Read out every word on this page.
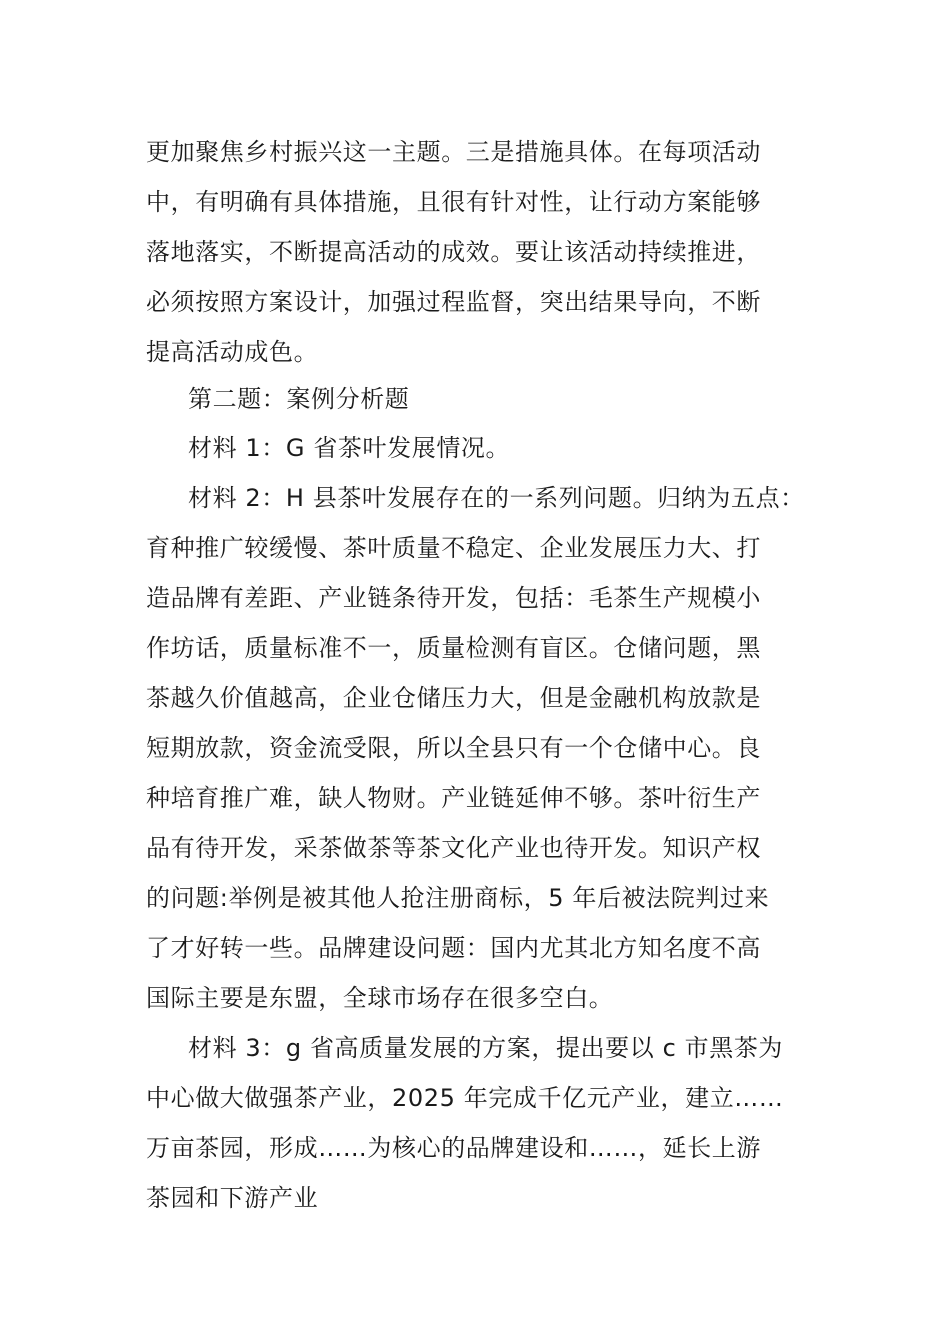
更加聚焦乡村振兴这一主题。三是措施具体。在每项活动
中，有明确有具体措施，且很有针对性，让行动方案能够
落地落实，不断提高活动的成效。要让该活动持续推进，
必须按照方案设计，加强过程监督，突出结果导向，不断
提高活动成色。
第二题：案例分析题
材料 1：G 省茶叶发展情况。
材料 2：H 县茶叶发展存在的一系列问题。归纳为五点：
育种推广较缓慢、茶叶质量不稳定、企业发展压力大、打
造品牌有差距、产业链条待开发，包括：毛茶生产规模小
作坊话，质量标准不一，质量检测有盲区。仓储问题，黑
茶越久价值越高，企业仓储压力大，但是金融机构放款是
短期放款，资金流受限，所以全县只有一个仓储中心。良
种培育推广难，缺人物财。产业链延伸不够。茶叶衍生产
品有待开发，采茶做茶等茶文化产业也待开发。知识产权
的问题:举例是被其他人抢注册商标，5 年后被法院判过来
了才好转一些。品牌建设问题：国内尤其北方知名度不高
国际主要是东盟，全球市场存在很多空白。
材料 3：g 省高质量发展的方案，提出要以 c 市黑茶为
中心做大做强茶产业，2025 年完成千亿元产业，建立……
万亩茶园，形成……为核心的品牌建设和……，延长上游
茶园和下游产业
